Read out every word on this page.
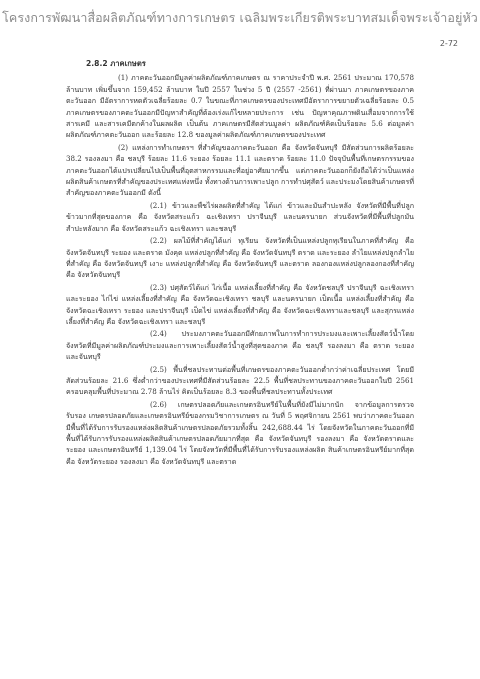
โครงการพัฒนาสื่อผลิตภัณฑ์ทางการเกษตร เฉลิมพระเกียรติพระบาทสมเด็จพระเจ้าอยู่หัว
2-72
2.8.2 ภาคเกษตร

(1) ภาคตะวันออกมีมูลค่าผลิตภัณฑ์ภาคเกษตร ณ ราคาประจำปี พ.ศ. 2561 ประมาณ 170,578 ล้านบาท เพิ่มขึ้นจาก 159,452 ล้านบาท ในปี 2557 ในช่วง 5 ปี (2557 -2561) ที่ผ่านมา ภาคเกษตรของภาคตะวันออก มีอัตราการหดตัวเฉลี่ยร้อยละ 0.7 ในขณะที่ภาคเกษตรของประเทศมีอัตราการขยายตัวเฉลี่ยร้อยละ 0.5 ภาคเกษตรของภาคตะวันออกมีปัญหาสำคัญที่ต้องเร่งแก้ไขหลายประการ เช่น ปัญหาคุณภาพดินเสื่อมจากการใช้สารเคมี และสารเคมีตกค้างในผลผลิต เป็นต้น ภาคเกษตรมีสัดส่วนมูลค่า ผลิตภัณฑ์คิดเป็นร้อยละ 5.6 ต่อมูลค่าผลิตภัณฑ์ภาคตะวันออก และร้อยละ 12.8 ของมูลค่าผลิตภัณฑ์ภาคเกษตรของประเทศ

(2) แหล่งการทำเกษตรฯ ที่สำคัญของภาคตะวันออก คือ จังหวัดจันทบุรี มีสัดส่วนการผลิตร้อยละ 38.2 รองลงมา คือ ชลบุรี ร้อยละ 11.6 ระยอง ร้อยละ 11.1 และตราด ร้อยละ 11.0 ปัจจุบันพื้นที่เกษตรกรรมของภาคตะวันออกได้แปรเปลี่ยนไปเป็นพื้นที่อุตสาหกรรมและที่อยู่อาศัยมากขึ้น แต่ภาคตะวันออกก็ยังถือได้ว่าเป็นแหล่งผลิตสินค้าเกษตรที่สำคัญของประเทศแห่งหนึ่ง ทั้งทางด้านการเพาะปลูก การทำปศุสัตว์ และประมงโดยสินค้าเกษตรที่สำคัญของภาคตะวันออกมี ดังนี้

(2.1) ข้าวและพืชไร่ผลผลิตที่สำคัญ ได้แก่ ข้าวและมันสำปะหลัง จังหวัดที่มีพื้นที่ปลูกข้าวมากที่สุดของภาค คือ จังหวัดสระแก้ว ฉะเชิงเทรา ปราจีนบุรี และนครนายก ส่วนจังหวัดที่มีพื้นที่ปลูกมันสำปะหลังมาก คือ จังหวัดสระแก้ว ฉะเชิงเทรา และชลบุรี

(2.2) ผลไม้ที่สำคัญได้แก่ ทุเรียน จังหวัดที่เป็นแหล่งปลูกทุเรียนในภาคที่สำคัญ คือ จังหวัดจันทบุรี ระยอง และตราด มังคุด แหล่งปลูกที่สำคัญ คือ จังหวัดจันทบุรี ตราด และระยอง ลำไยแหล่งปลูกลำไยที่สำคัญ คือ จังหวัดจันทบุรี เงาะ แหล่งปลูกที่สำคัญ คือ จังหวัดจันทบุรี และตราด ลองกองแหล่งปลูกลองกองที่สำคัญ คือ จังหวัดจันทบุรี

(2.3) ปศุสัตว์ได้แก่ ไก่เนื้อ แหล่งเลี้ยงที่สำคัญ คือ จังหวัดชลบุรี ปราจีนบุรี ฉะเชิงเทรา และระยอง ไก่ไข่ แหล่งเลี้ยงที่สำคัญ คือ จังหวัดฉะเชิงเทรา ชลบุรี และนครนายก เป็ดเนื้อ แหล่งเลี้ยงที่สำคัญ คือ จังหวัดฉะเชิงเทรา ระยอง และปราจีนบุรี เป็ดไข่ แหล่งเลี้ยงที่สำคัญ คือ จังหวัดฉะเชิงเทราและชลบุรี และสุกรแหล่งเลี้ยงที่สำคัญ คือ จังหวัดฉะเชิงเทรา และชลบุรี

(2.4) ประมงภาคตะวันออกมีศักยภาพในการทำการประมงและเพาะเลี้ยงสัตว์น้ำโดยจังหวัดที่มีมูลค่าผลิตภัณฑ์ประมงและการเพาะเลี้ยงสัตว์น้ำสูงที่สุดของภาค คือ ชลบุรี รองลงมา คือ ตราด ระยอง และจันทบุรี

(2.5) พื้นที่ชลประทานต่อพื้นที่เกษตรของภาคตะวันออกต่ำกว่าค่าเฉลี่ยประเทศ โดยมีสัดส่วนร้อยละ 21.6 ซึ่งต่ำกว่าของประเทศที่มีสัดส่วนร้อยละ 22.5 พื้นที่ชลประทานของภาคตะวันออกในปี 2561 ครอบคลุมพื้นที่ประมาณ 2.78 ล้านไร่ คิดเป็นร้อยละ 8.3 ของพื้นที่ชลประทานทั้งประเทศ

(2.6) เกษตรปลอดภัยและเกษตรอินทรีย์ในพื้นที่ยังมีไม่มากนัก จากข้อมูลการตรวจรับรอง เกษตรปลอดภัยและเกษตรอินทรีย์ของกรมวิชาการเกษตร ณ วันที่ 5 พฤศจิกายน 2561 พบว่าภาคตะวันออกมีพื้นที่ได้รับการรับรองแหล่งผลิตสินค้าเกษตรปลอดภัยรวมทั้งสิ้น 242,688.44 ไร่ โดยจังหวัดในภาคตะวันออกที่มีพื้นที่ได้รับการรับรองแหล่งผลิตสินค้าเกษตรปลอดภัยมากที่สุด คือ จังหวัดจันทบุรี รองลงมา คือ จังหวัดตราดและระยอง และเกษตรอินทรีย์ 1,139.04 ไร่ โดยจังหวัดที่มีพื้นที่ได้รับการรับรองแหล่งผลิต สินค้าเกษตรอินทรีย์มากที่สุด คือ จังหวัดระยอง รองลงมา คือ จังหวัดจันทบุรี และตราด
